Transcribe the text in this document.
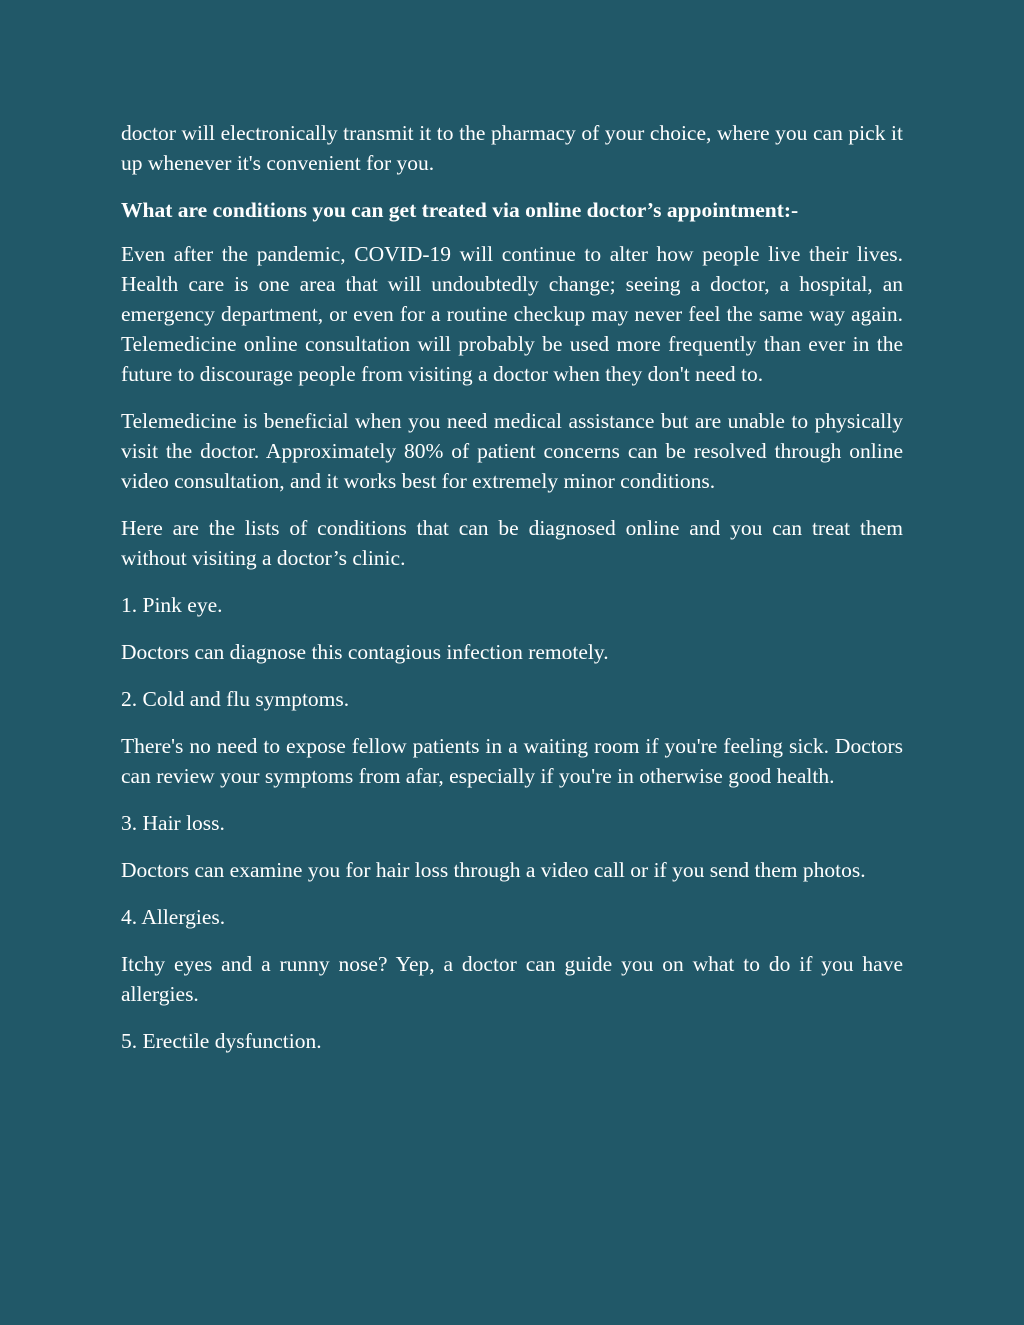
doctor will electronically transmit it to the pharmacy of your choice, where you can pick it up whenever it's convenient for you.

What are conditions you can get treated via online doctor’s appointment:-

Even after the pandemic, COVID-19 will continue to alter how people live their lives. Health care is one area that will undoubtedly change; seeing a doctor, a hospital, an emergency department, or even for a routine checkup may never feel the same way again. Telemedicine online consultation will probably be used more frequently than ever in the future to discourage people from visiting a doctor when they don't need to.

Telemedicine is beneficial when you need medical assistance but are unable to physically visit the doctor. Approximately 80% of patient concerns can be resolved through online video consultation, and it works best for extremely minor conditions.

Here are the lists of conditions that can be diagnosed online and you can treat them without visiting a doctor’s clinic.

1. Pink eye.

Doctors can diagnose this contagious infection remotely.

2. Cold and flu symptoms.

There's no need to expose fellow patients in a waiting room if you're feeling sick. Doctors can review your symptoms from afar, especially if you're in otherwise good health.

3. Hair loss.

Doctors can examine you for hair loss through a video call or if you send them photos.

4. Allergies.

Itchy eyes and a runny nose? Yep, a doctor can guide you on what to do if you have allergies.

5. Erectile dysfunction.
